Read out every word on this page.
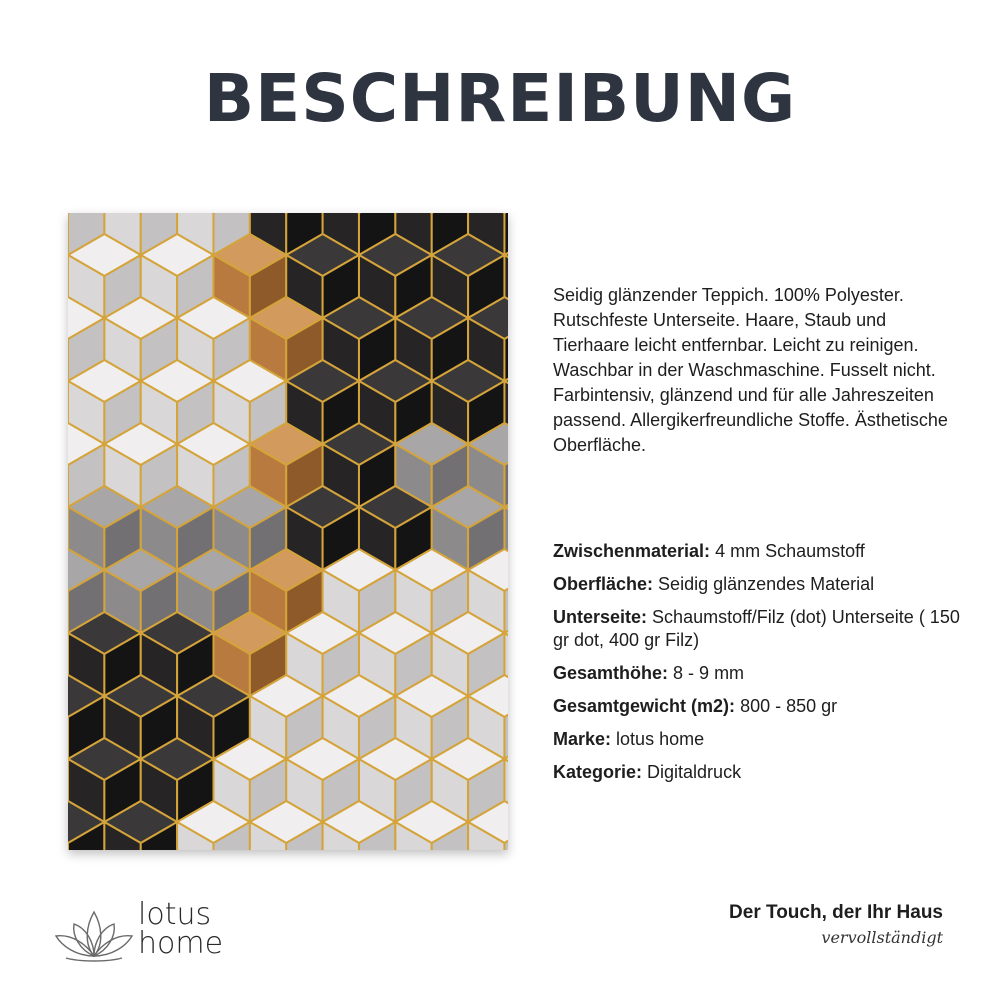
BESCHREIBUNG
Seidig glänzender Teppich. 100% Polyester. Rutschfeste Unterseite. Haare, Staub und Tierhaare leicht entfernbar. Leicht zu reinigen. Waschbar in der Waschmaschine. Fusselt nicht. Farbintensiv, glänzend und für alle Jahreszeiten passend. Allergikerfreundliche Stoffe. Ästhetische Oberfläche.
Zwischenmaterial: 4 mm Schaumstoff
Oberfläche: Seidig glänzendes Material
Unterseite: Schaumstoff/Filz (dot) Unterseite ( 150 gr dot, 400 gr Filz)
Gesamthöhe: 8 - 9 mm
Gesamtgewicht (m2): 800 - 850 gr
Marke: lotus home
Kategorie: Digitaldruck
lotus
home
Der Touch, der Ihr Haus
vervollständigt
